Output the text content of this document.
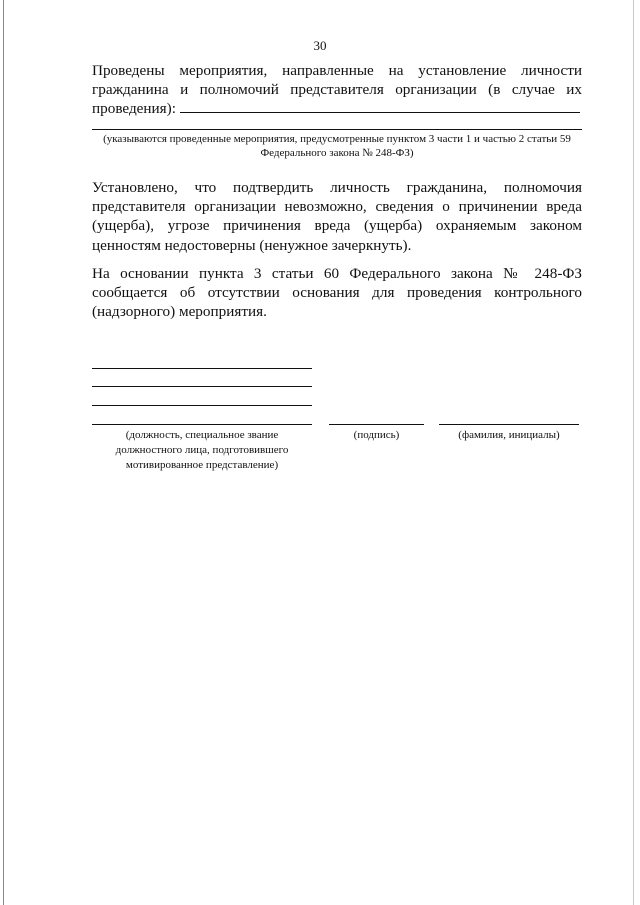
30
Проведены мероприятия, направленные на установление личности гражданина и полномочий представителя организации (в случае их проведения):
(указываются проведенные мероприятия, предусмотренные пунктом 3 части 1 и частью 2 статьи 59 Федерального закона № 248-ФЗ)
Установлено, что подтвердить личность гражданина, полномочия представителя организации невозможно, сведения о причинении вреда (ущерба), угрозе причинения вреда (ущерба) охраняемым законом ценностям недостоверны (ненужное зачеркнуть).
На основании пункта 3 статьи 60 Федерального закона № 248-ФЗ сообщается об отсутствии основания для проведения контрольного (надзорного) мероприятия.
(должность, специальное звание должностного лица, подготовившего мотивированное представление)
(подпись)	(фамилия, инициалы)
